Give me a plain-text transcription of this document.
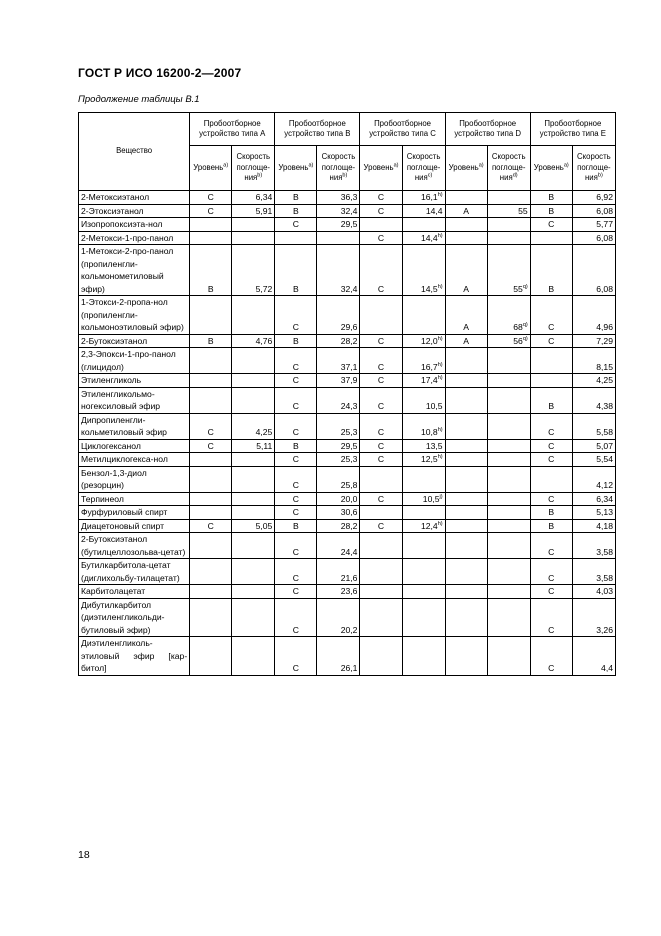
ГОСТ Р ИСО 16200-2—2007
Продолжение таблицы В.1
Вещество	Пробоотборное устройство типа А		Пробоотборное устройство типа В		Пробоотборное устройство типа С		Пробоотборное устройство типа D		Пробоотборное устройство типа Е	
	Уровень$^{а)}$	Скорость поглоще-ния$^{b)}$	Уровень$^{а)}$	Скорость поглоще-ния$^{b)}$	Уровень$^{а)}$	Скорость поглоще-ния$^{с)}$	Уровень$^{а)}$	Скорость поглоще-ния$^{d)}$	Уровень$^{а)}$	Скорость поглоще-ния$^{b)}$
2-Метоксиэтанол	С	6,34	В	36,3	С	16,1$^{h)}$			В	6,92
2-Этоксиэтанол	С	5,91	В	32,4	С	14,4	А	55	В	6,08
Изопропоксиэта-нол			С	29,5					С	5,77
2-Метокси-1-про-панол					С	14,4$^{h)}$				6,08
1-Метокси-2-про-панол (пропиленгли-кольмонометиловый эфир)	В	5,72	В	32,4	С	14,5$^{h)}$	А	55$^{q)}$	В	6,08
1-Этокси-2-пропа-нол (пропиленгли-кольмоноэтиловый эфир)			С	29,6			А	68$^{q)}$	С	4,96
2-Бутоксиэтанол	В	4,76	В	28,2	С	12,0$^{h)}$	А	56$^{q)}$	С	7,29
2,3-Эпокси-1-про-панол (глицидол)			С	37,1	С	16,7$^{h)}$				8,15
Этиленгликоль			С	37,9	С	17,4$^{h)}$				4,25
Этиленгликольмо-ногексиловый эфир			С	24,3	С	10,5			В	4,38
Дипропиленгли-кольметиловый эфир	С	4,25	С	25,3	С	10,8$^{h)}$			С	5,58
Циклогексанол	С	5,11	В	29,5	С	13,5			С	5,07
Метилциклогекса-нол			С	25,3	С	12,5$^{h)}$			С	5,54
Бензол-1,3-диол (резорцин)			С	25,8						4,12
Терпинеол			С	20,0	С	10,5$^{j)}$			С	6,34
Фурфуриловый спирт			С	30,6					В	5,13
Диацетоновый спирт	С	5,05	В	28,2	С	12,4$^{h)}$			В	4,18
2-Бутоксиэтанол (бутилцеллозольва-цетат)			С	24,4					С	3,58
Бутилкарбитола-цетат (диглихольбу-тилацетат)			С	21,6					С	3,58
Карбитолацетат			С	23,6					С	4,03
Дибутилкарбитол (диэтиленгликольди-бутиловый эфир)			С	20,2					С	3,26
Диэтиленгликоль-этиловый эфир [кар-битол]			С	26,1					С	4,4
18
